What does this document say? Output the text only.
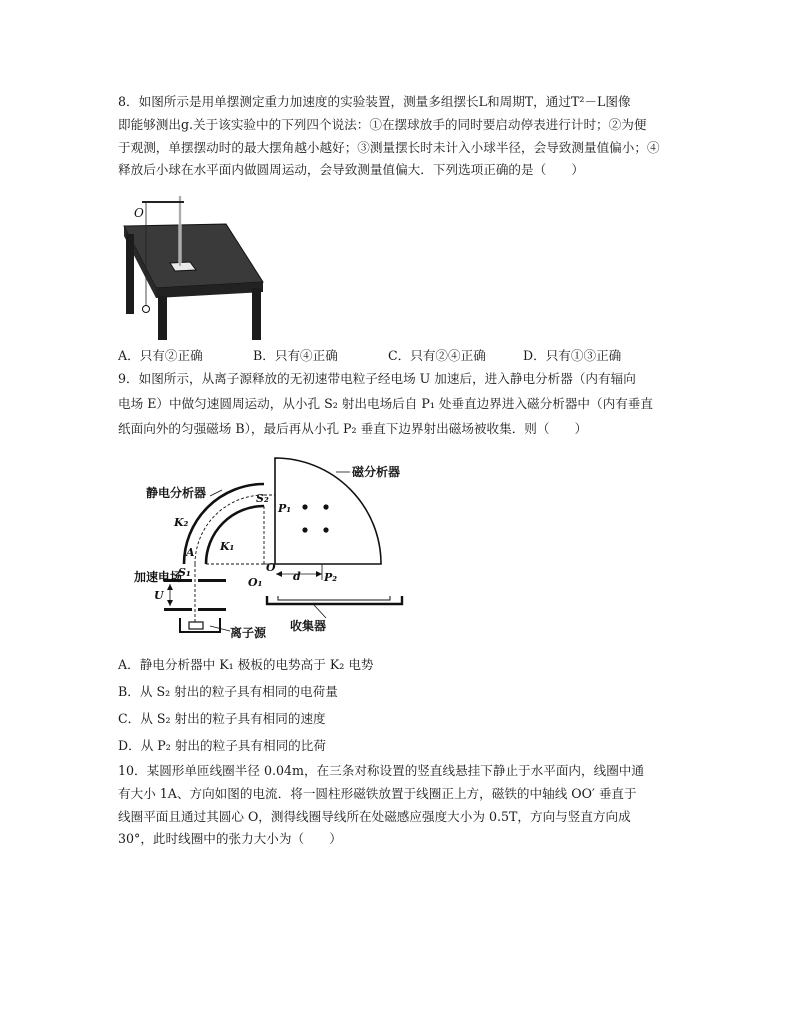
8．如图所示是用单摆测定重力加速度的实验装置，测量多组摆长L和周期T，通过T²－L图像
即能够测出g.关于该实验中的下列四个说法：①在摆球放手的同时要启动停表进行计时；②为便
于观测，单摆摆动时的最大摆角越小越好；③测量摆长时未计入小球半径，会导致测量值偏小；④
释放后小球在水平面内做圆周运动，会导致测量值偏大．下列选项正确的是（　　）
O
A．只有②正确	B．只有④正确	C．只有②④正确	D．只有①③正确
9．如图所示，从离子源释放的无初速带电粒子经电场 U 加速后，进入静电分析器（内有辐向
电场 E）中做匀速圆周运动，从小孔 S₂ 射出电场后自 P₁ 处垂直边界进入磁分析器中（内有垂直
纸面向外的匀强磁场 B），最后再从小孔 P₂ 垂直下边界射出磁场被收集．则（　　）
磁分析器
静电分析器	S₂
P₁
K₂
K₁
A
S₁	O
O₁	d P₂
加速电场
U
离子源 收集器
A．静电分析器中 K₁ 极板的电势高于 K₂ 电势
B．从 S₂ 射出的粒子具有相同的电荷量
C．从 S₂ 射出的粒子具有相同的速度
D．从 P₂ 射出的粒子具有相同的比荷
10．某圆形单匝线圈半径 0.04m，在三条对称设置的竖直线悬挂下静止于水平面内，线圈中通
有大小 1A、方向如图的电流．将一圆柱形磁铁放置于线圈正上方，磁铁的中轴线 OO′ 垂直于
线圈平面且通过其圆心 O，测得线圈导线所在处磁感应强度大小为 0.5T，方向与竖直方向成
30°，此时线圈中的张力大小为（　　）
